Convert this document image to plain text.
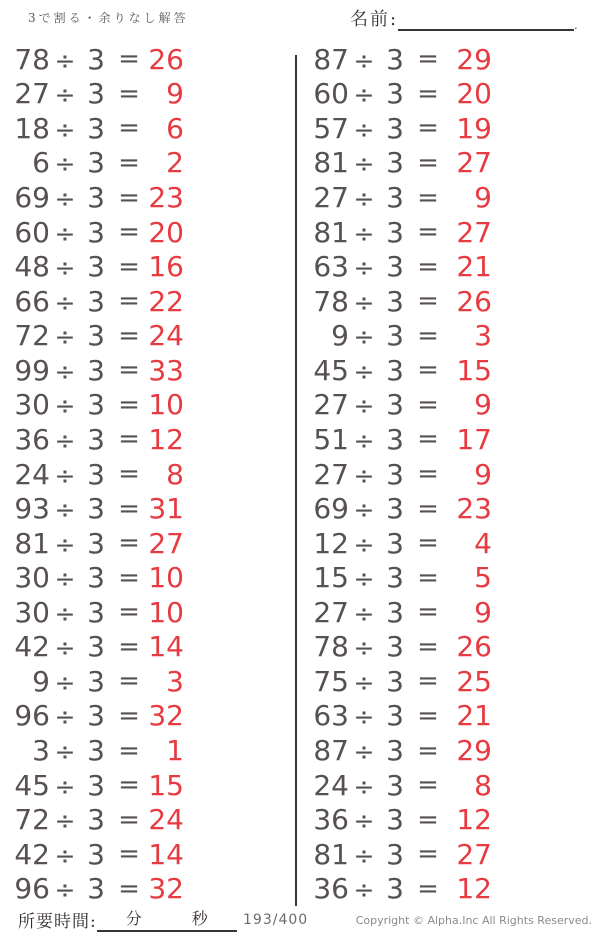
3で割る・余りなし解答	名前:	.
78 ÷ 3 = 26
27 ÷ 3 = 9
18 ÷ 3 = 6
6 ÷ 3 = 2
69 ÷ 3 = 23
60 ÷ 3 = 20
48 ÷ 3 = 16
66 ÷ 3 = 22
72 ÷ 3 = 24
99 ÷ 3 = 33
30 ÷ 3 = 10
36 ÷ 3 = 12
24 ÷ 3 = 8
93 ÷ 3 = 31
81 ÷ 3 = 27
30 ÷ 3 = 10
30 ÷ 3 = 10
42 ÷ 3 = 14
9 ÷ 3 = 3
96 ÷ 3 = 32
3 ÷ 3 = 1
45 ÷ 3 = 15
72 ÷ 3 = 24
42 ÷ 3 = 14
96 ÷ 3 = 32
87 ÷ 3 = 29
60 ÷ 3 = 20
57 ÷ 3 = 19
81 ÷ 3 = 27
27 ÷ 3 =	9
81 ÷ 3 = 27
63 ÷ 3 = 21
78 ÷ 3 = 26
9 ÷ 3 =	3
45 ÷ 3 = 15
27 ÷ 3 =	9
51 ÷ 3 = 17
27 ÷ 3 =	9
69 ÷ 3 = 23
12 ÷ 3 =	4
15 ÷ 3 =	5
27 ÷ 3 =	9
78 ÷ 3 = 26
75 ÷ 3 = 25
63 ÷ 3 = 21
87 ÷ 3 = 29
24 ÷ 3 =	8
36 ÷ 3 = 12
81 ÷ 3 = 27
36 ÷ 3 = 12
所要時間: 分	秒	193/400	Copyright © Alpha.Inc All Rights Reserved.
